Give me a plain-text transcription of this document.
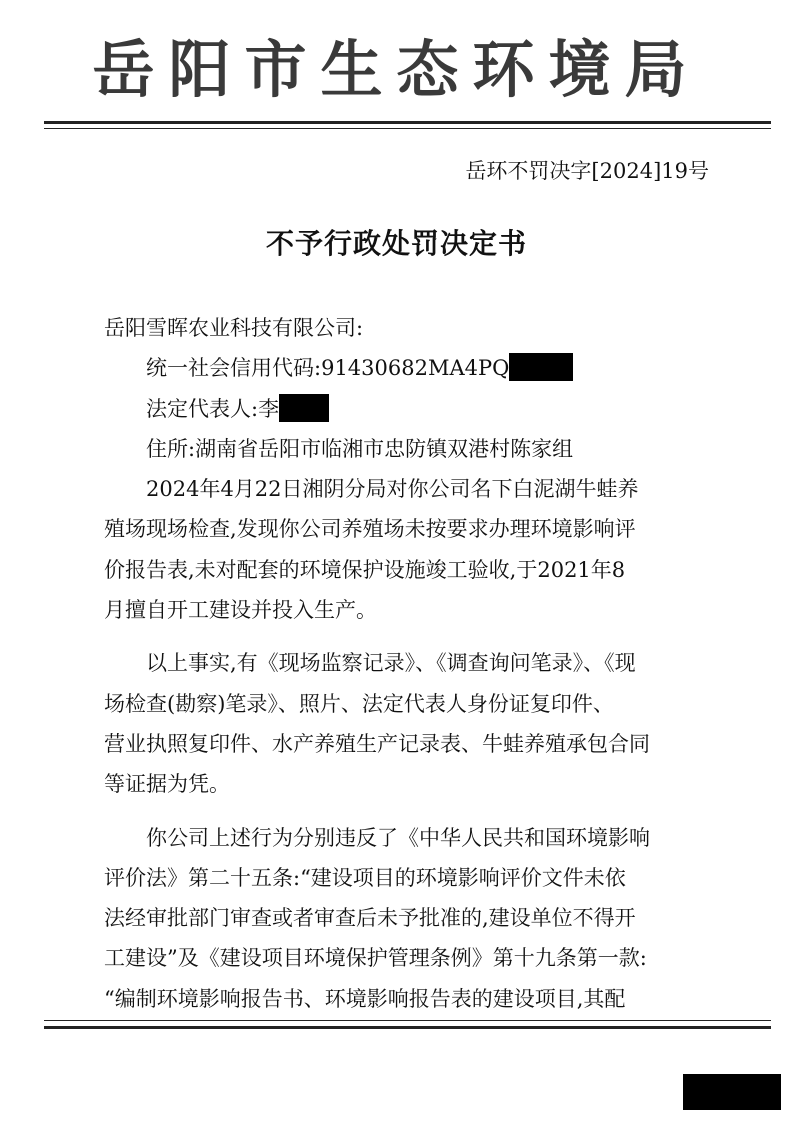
岳阳市生态环境局
岳环不罚决字[2024]19号
不予行政处罚决定书
岳阳雪晖农业科技有限公司:
统一社会信用代码:91430682MA4PQ
法定代表人:李
住所:湖南省岳阳市临湘市忠防镇双港村陈家组
2024年4月22日湘阴分局对你公司名下白泥湖牛蛙养
殖场现场检查,发现你公司养殖场未按要求办理环境影响评
价报告表,未对配套的环境保护设施竣工验收,于2021年8
月擅自开工建设并投入生产。
以上事实,有《现场监察记录》、《调查询问笔录》、《现
场检查(勘察)笔录》、照片、法定代表人身份证复印件、
营业执照复印件、水产养殖生产记录表、牛蛙养殖承包合同
等证据为凭。
你公司上述行为分别违反了《中华人民共和国环境影响
评价法》第二十五条:“建设项目的环境影响评价文件未依
法经审批部门审查或者审查后未予批准的,建设单位不得开
工建设”及《建设项目环境保护管理条例》第十九条第一款:
“编制环境影响报告书、环境影响报告表的建设项目,其配
